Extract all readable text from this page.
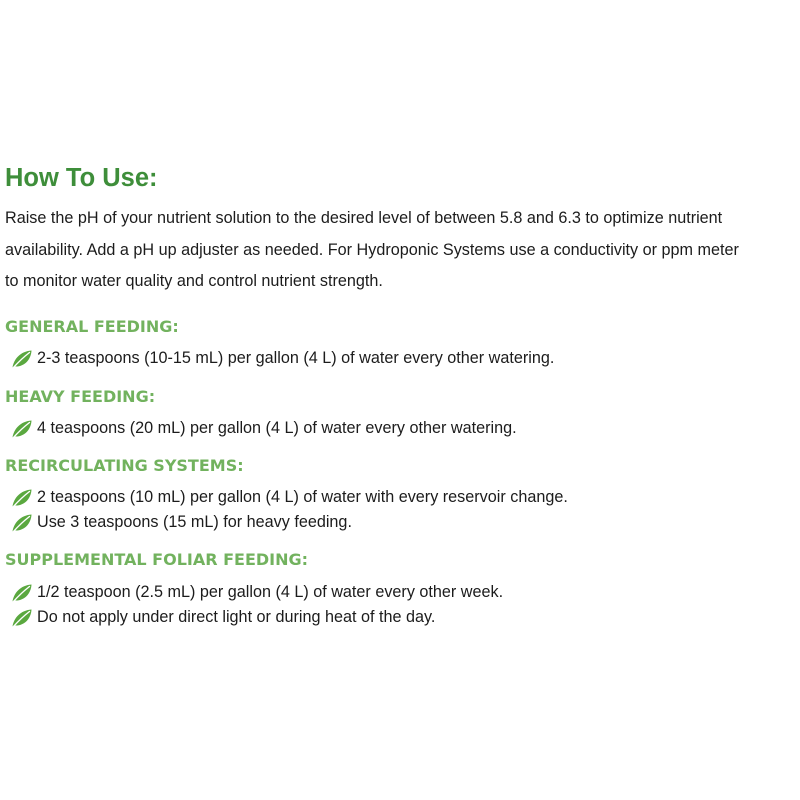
How To Use:

Raise the pH of your nutrient solution to the desired level of between 5.8 and 6.3 to optimize nutrient
availability. Add a pH up adjuster as needed. For Hydroponic Systems use a conductivity or ppm meter
to monitor water quality and control nutrient strength.

GENERAL FEEDING:
2-3 teaspoons (10-15 mL) per gallon (4 L) of water every other watering.
HEAVY FEEDING:
4 teaspoons (20 mL) per gallon (4 L) of water every other watering.
RECIRCULATING SYSTEMS:
2 teaspoons (10 mL) per gallon (4 L) of water with every reservoir change.
Use 3 teaspoons (15 mL) for heavy feeding.
SUPPLEMENTAL FOLIAR FEEDING:
1/2 teaspoon (2.5 mL) per gallon (4 L) of water every other week.
Do not apply under direct light or during heat of the day.
